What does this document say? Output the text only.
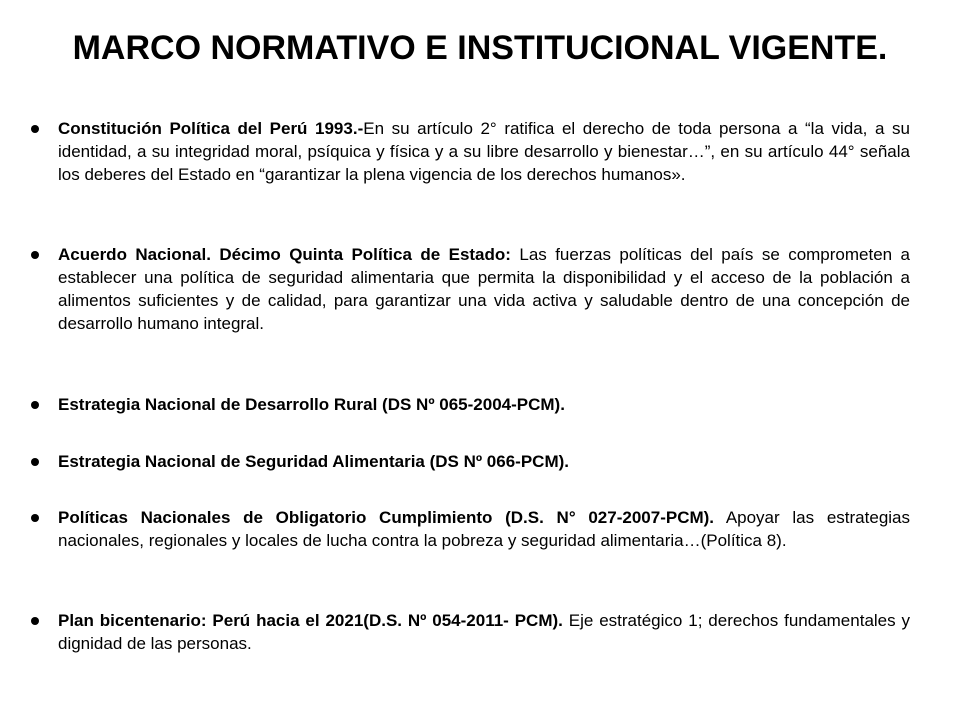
MARCO NORMATIVO E INSTITUCIONAL VIGENTE.
Constitución Política del Perú 1993.-En su artículo 2° ratifica el derecho de toda persona a “la vida, a su identidad, a su integridad moral, psíquica y física y a su libre desarrollo y bienestar…”, en su artículo 44° señala los deberes del Estado en “garantizar la plena vigencia de los derechos humanos».
Acuerdo Nacional. Décimo Quinta Política de Estado: Las fuerzas políticas del país se comprometen a establecer una política de seguridad alimentaria que permita la disponibilidad y el acceso de la población a alimentos suficientes y de calidad, para garantizar una vida activa y saludable dentro de una concepción de desarrollo humano integral.
Estrategia Nacional de Desarrollo Rural (DS Nº 065-2004-PCM).
Estrategia Nacional de Seguridad Alimentaria (DS Nº 066-PCM).
Políticas Nacionales de Obligatorio Cumplimiento (D.S. N° 027-2007-PCM). Apoyar las estrategias nacionales, regionales y locales de lucha contra la pobreza y seguridad alimentaria…(Política 8).
Plan bicentenario: Perú hacia el 2021(D.S. Nº 054-2011- PCM). Eje estratégico 1; derechos fundamentales y dignidad de las personas.
